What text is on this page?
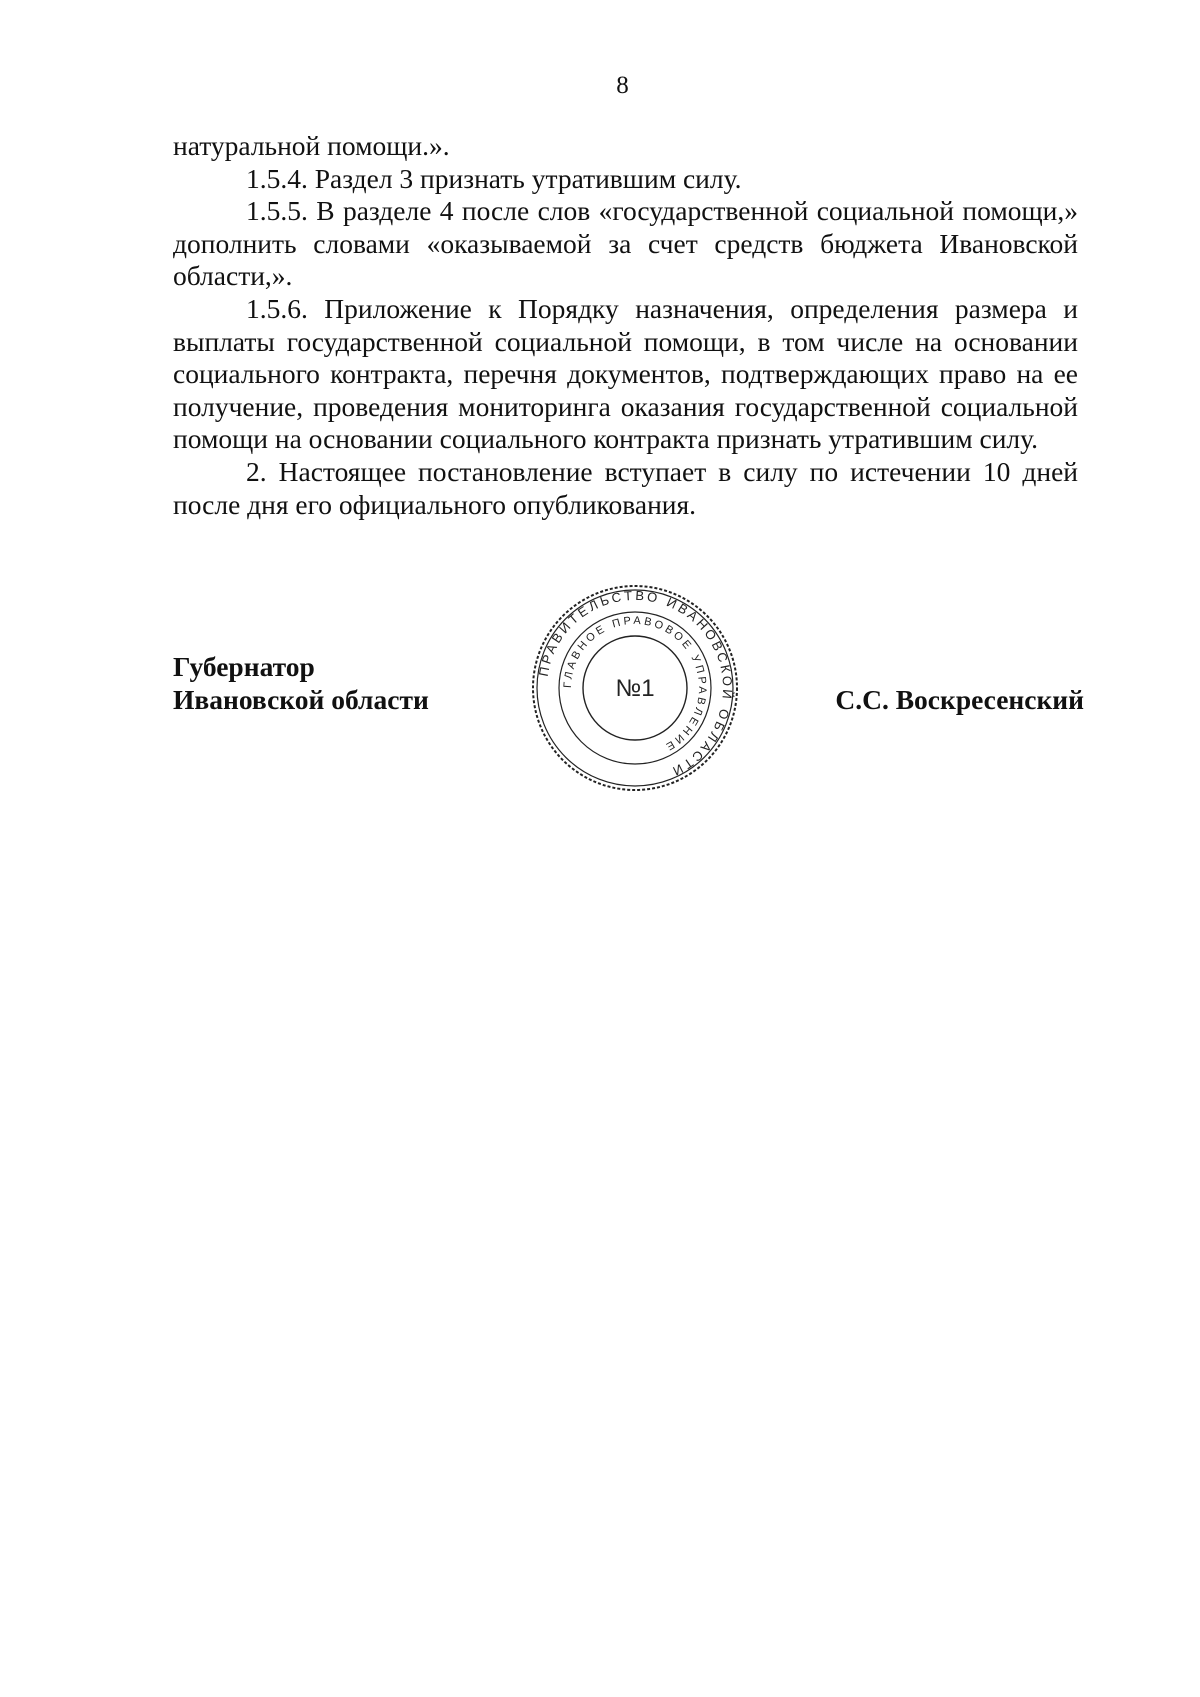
8

натуральной помощи.».

1.5.4. Раздел 3 признать утратившим силу.

1.5.5. В разделе 4 после слов «государственной социальной помощи,» дополнить словами «оказываемой за счет средств бюджета Ивановской области,».

1.5.6. Приложение к Порядку назначения, определения размера и выплаты государственной социальной помощи, в том числе на основании социального контракта, перечня документов, подтверждающих право на ее получение, проведения мониторинга оказания государственной социальной помощи на основании социального контракта признать утратившим силу.

2. Настоящее постановление вступает в силу по истечении 10 дней после дня его официального опубликования.

Губернатор
Ивановской области	С.С. Воскресенский
ПРАВИТЕЛЬСТВО ИВАНОВСКОЙ ОБЛАСТИ
ГЛАВНОЕ ПРАВОВОЕ УПРАВЛЕНИЕ
№1
